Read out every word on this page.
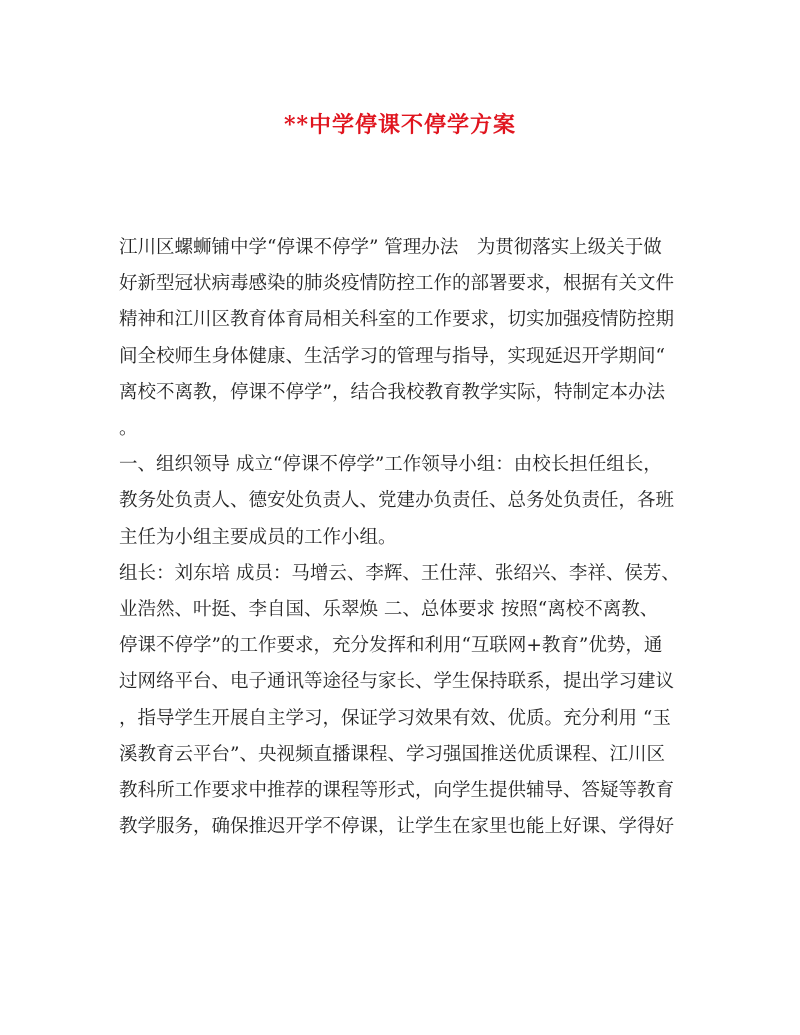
**中学停课不停学方案

江川区螺蛳铺中学“停课不停学” 管理办法　为贯彻落实上级关于做
好新型冠状病毒感染的肺炎疫情防控工作的部署要求，根据有关文件
精神和江川区教育体育局相关科室的工作要求，切实加强疫情防控期
间全校师生身体健康、生活学习的管理与指导，实现延迟开学期间“
离校不离教，停课不停学”，结合我校教育教学实际，特制定本办法
。

一、组织领导 成立“停课不停学”工作领导小组：由校长担任组长，
教务处负责人、德安处负责人、党建办负责任、总务处负责任，各班
主任为小组主要成员的工作小组。

组长：刘东培 成员：马增云、李辉、王仕萍、张绍兴、李祥、侯芳、
业浩然、叶挺、李自国、乐翠焕 二、总体要求 按照“离校不离教、
停课不停学”的工作要求，充分发挥和利用“互联网+教育”优势，通
过网络平台、电子通讯等途径与家长、学生保持联系，提出学习建议
，指导学生开展自主学习，保证学习效果有效、优质。充分利用 “玉
溪教育云平台”、央视频直播课程、学习强国推送优质课程、江川区
教科所工作要求中推荐的课程等形式，向学生提供辅导、答疑等教育
教学服务，确保推迟开学不停课，让学生在家里也能上好课、学得好
